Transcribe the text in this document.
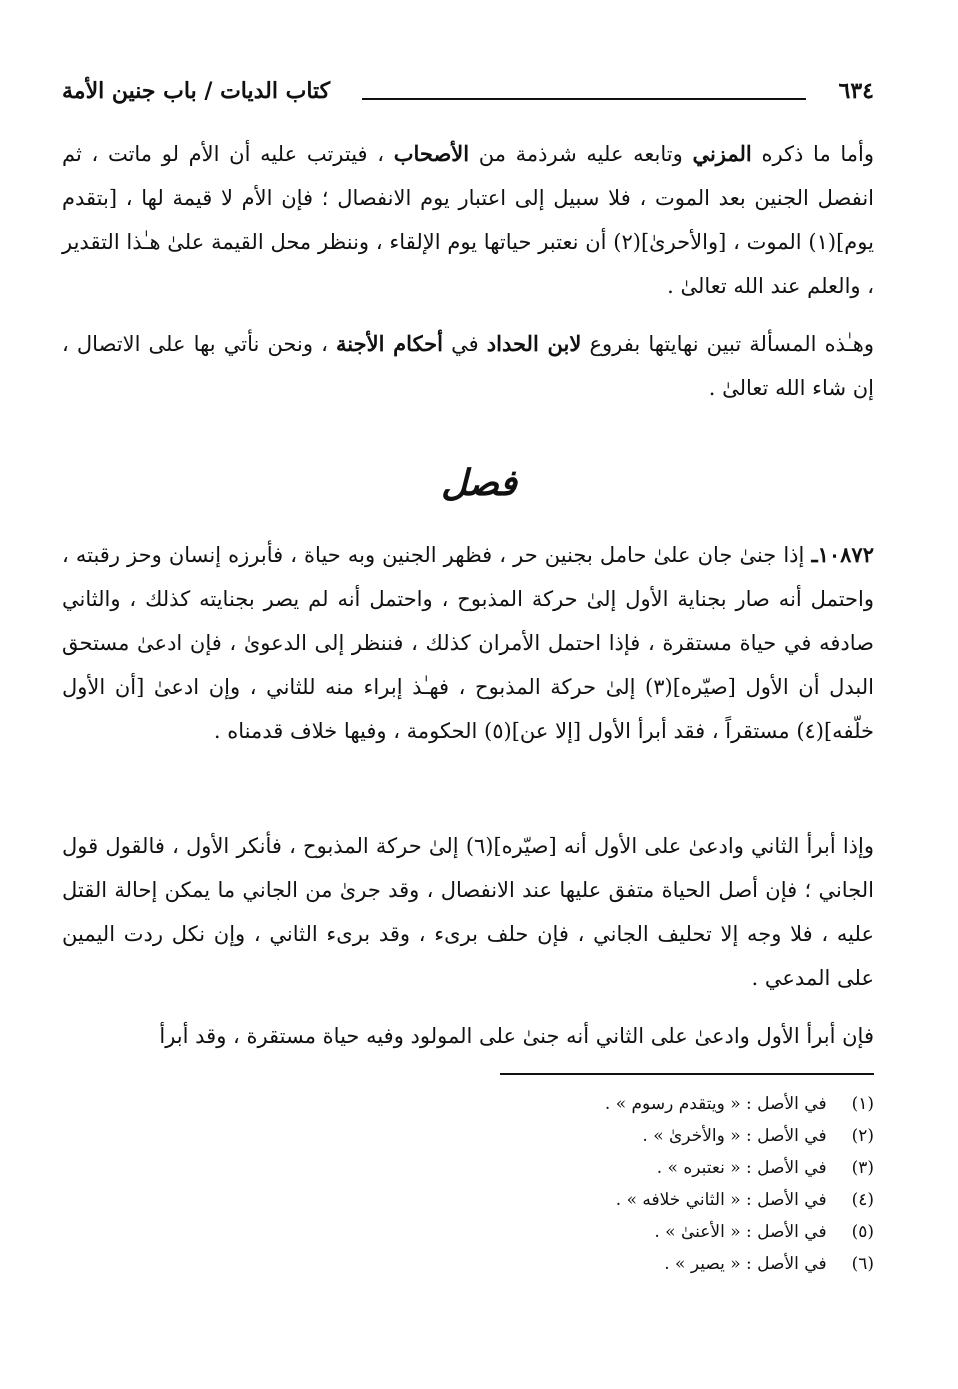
٦٣٤
كتاب الديات / باب جنين الأمة

وأما ما ذكره المزني وتابعه عليه شرذمة من الأصحاب ، فيترتب عليه أن الأم لو ماتت ، ثم انفصل الجنين بعد الموت ، فلا سبيل إلى اعتبار يوم الانفصال ؛ فإن الأم لا قيمة لها ، [بتقدم يوم](١) الموت ، [والأحرىٰ](٢) أن نعتبر حياتها يوم الإلقاء ، وننظر محل القيمة علىٰ هـٰذا التقدير ، والعلم عند الله تعالىٰ .

وهـٰذه المسألة تبين نهايتها بفروع لابن الحداد في أحكام الأجنة ، ونحن نأتي بها على الاتصال ، إن شاء الله تعالىٰ .

فصل

١٠٨٧٢ـ إذا جنىٰ جان علىٰ حامل بجنين حر ، فظهر الجنين وبه حياة ، فأبرزه إنسان وحز رقبته ، واحتمل أنه صار بجناية الأول إلىٰ حركة المذبوح ، واحتمل أنه لم يصر بجنايته كذلك ، والثاني صادفه في حياة مستقرة ، فإذا احتمل الأمران كذلك ، فننظر إلى الدعوىٰ ، فإن ادعىٰ مستحق البدل أن الأول [صيّره](٣) إلىٰ حركة المذبوح ، فهـٰذ إبراء منه للثاني ، وإن ادعىٰ [أن الأول خلّفه](٤) مستقراً ، فقد أبرأ الأول [إلا عن](٥) الحكومة ، وفيها خلاف قدمناه .

وإذا أبرأ الثاني وادعىٰ على الأول أنه [صيّره](٦) إلىٰ حركة المذبوح ، فأنكر الأول ، فالقول قول الجاني ؛ فإن أصل الحياة متفق عليها عند الانفصال ، وقد جرىٰ من الجاني ما يمكن إحالة القتل عليه ، فلا وجه إلا تحليف الجاني ، فإن حلف برىء ، وقد برىء الثاني ، وإن نكل ردت اليمين على المدعي .

فإن أبرأ الأول وادعىٰ على الثاني أنه جنىٰ على المولود وفيه حياة مستقرة ، وقد أبرأ

(١) في الأصل : « ويتقدم رسوم » .
(٢) في الأصل : « والأخرىٰ » .
(٣) في الأصل : « نعتبره » .
(٤) في الأصل : « الثاني خلافه » .
(٥) في الأصل : « الأعنىٰ » .
(٦) في الأصل : « يصير » .
